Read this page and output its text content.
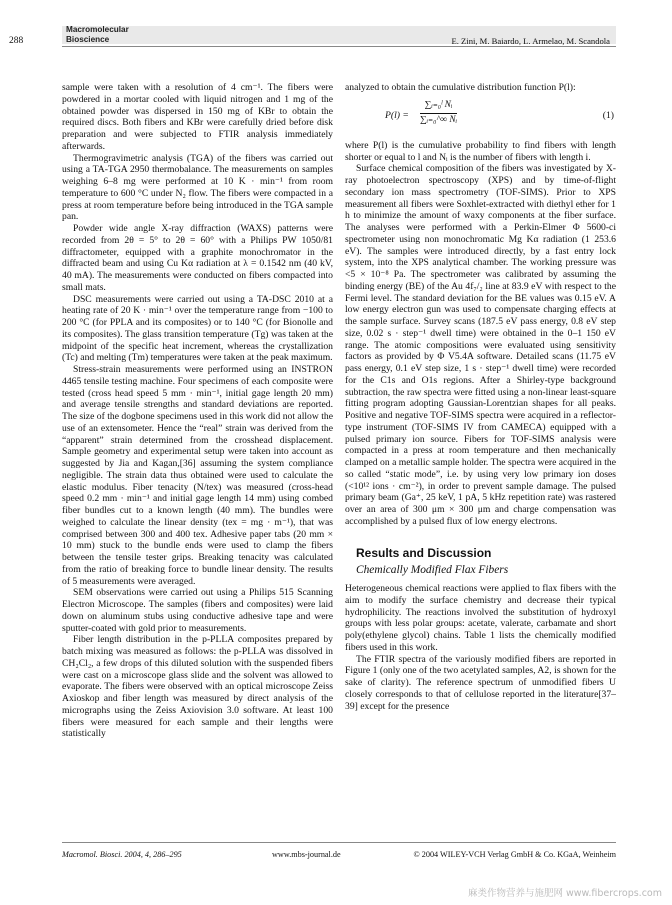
288
Macromolecular
Bioscience	E. Zini, M. Baiardo, L. Armelao, M. Scandola

sample were taken with a resolution of 4 cm⁻¹. The fibers were powdered in a mortar cooled with liquid nitrogen and 1 mg of the obtained powder was dispersed in 150 mg of KBr to obtain the required discs. Both fibers and KBr were carefully dried before disk preparation and were subjected to FTIR analysis immediately afterwards.

Thermogravimetric analysis (TGA) of the fibers was carried out using a TA-TGA 2950 thermobalance. The measurements on samples weighing 6–8 mg were performed at 10 K · min⁻¹ from room temperature to 600 °C under N₂ flow. The fibers were compacted in a press at room temperature before being introduced in the TGA sample pan.

Powder wide angle X-ray diffraction (WAXS) patterns were recorded from 2θ = 5° to 2θ = 60° with a Philips PW 1050/81 diffractometer, equipped with a graphite monochromator in the diffracted beam and using Cu Kα radiation at λ = 0.1542 nm (40 kV, 40 mA). The measurements were conducted on fibers compacted into small mats.

DSC measurements were carried out using a TA-DSC 2010 at a heating rate of 20 K · min⁻¹ over the temperature range from −100 to 200 °C (for PPLA and its composites) or to 140 °C (for Bionolle and its composites). The glass transition temperature (Tg) was taken at the midpoint of the specific heat increment, whereas the crystallization (Tc) and melting (Tm) temperatures were taken at the peak maximum.

Stress-strain measurements were performed using an INSTRON 4465 tensile testing machine. Four specimens of each composite were tested (cross head speed 5 mm · min⁻¹, initial gage length 20 mm) and average tensile strengths and standard deviations are reported. The size of the dogbone specimens used in this work did not allow the use of an extensometer. Hence the “real” strain was derived from the “apparent” strain determined from the crosshead displacement. Sample geometry and experimental setup were taken into account as suggested by Jia and Kagan,[36] assuming the system compliance negligible. The strain data thus obtained were used to calculate the elastic modulus. Fiber tenacity (N/tex) was measured (cross-head speed 0.2 mm · min⁻¹ and initial gage length 14 mm) using combed fiber bundles cut to a known length (40 mm). The bundles were weighed to calculate the linear density (tex = mg · m⁻¹), that was comprised between 300 and 400 tex. Adhesive paper tabs (20 mm × 10 mm) stuck to the bundle ends were used to clamp the fibers between the tensile tester grips. Breaking tenacity was calculated from the ratio of breaking force to bundle linear density. The results of 5 measurements were averaged.

SEM observations were carried out using a Philips 515 Scanning Electron Microscope. The samples (fibers and composites) were laid down on aluminum stubs using conductive adhesive tape and were sputter-coated with gold prior to measurements.

Fiber length distribution in the p-PLLA composites prepared by batch mixing was measured as follows: the p-PLLA was dissolved in CH₂Cl₂, a few drops of this diluted solution with the suspended fibers were cast on a microscope glass slide and the solvent was allowed to evaporate. The fibers were observed with an optical microscope Zeiss Axioskop and fiber length was measured by direct analysis of the micrographs using the Zeiss Axiovision 3.0 software. At least 100 fibers were measured for each sample and their lengths were statistically

analyzed to obtain the cumulative distribution function P(l):

$P(l) = \frac{\text{∑ᵢ₌₀ˡ Nᵢ}}{\text{∑ᵢ₌₀\textasciicircum{}∞ Nᵢ}}$	(1)

where P(l) is the cumulative probability to find fibers with length shorter or equal to l and Nᵢ is the number of fibers with length i.

Surface chemical composition of the fibers was investigated by X-ray photoelectron spectroscopy (XPS) and by time-of-flight secondary ion mass spectrometry (TOF-SIMS). Prior to XPS measurement all fibers were Soxhlet-extracted with diethyl ether for 1 h to minimize the amount of waxy components at the fiber surface. The analyses were performed with a Perkin-Elmer Φ 5600-ci spectrometer using non monochromatic Mg Kα radiation (1 253.6 eV). The samples were introduced directly, by a fast entry lock system, into the XPS analytical chamber. The working pressure was <5 × 10⁻⁸ Pa. The spectrometer was calibrated by assuming the binding energy (BE) of the Au 4f₇/₂ line at 83.9 eV with respect to the Fermi level. The standard deviation for the BE values was 0.15 eV. A low energy electron gun was used to compensate charging effects at the sample surface. Survey scans (187.5 eV pass energy, 0.8 eV step size, 0.02 s · step⁻¹ dwell time) were obtained in the 0–1 150 eV range. The atomic compositions were evaluated using sensitivity factors as provided by Φ V5.4A software. Detailed scans (11.75 eV pass energy, 0.1 eV step size, 1 s · step⁻¹ dwell time) were recorded for the C1s and O1s regions. After a Shirley-type background subtraction, the raw spectra were fitted using a non-linear least-square fitting program adopting Gaussian-Lorentzian shapes for all peaks. Positive and negative TOF-SIMS spectra were acquired in a reflector-type instrument (TOF-SIMS IV from CAMECA) equipped with a pulsed primary ion source. Fibers for TOF-SIMS analysis were compacted in a press at room temperature and then mechanically clamped on a metallic sample holder. The spectra were acquired in the so called “static mode”, i.e. by using very low primary ion doses (<10¹² ions · cm⁻²), in order to prevent sample damage. The pulsed primary beam (Ga⁺, 25 keV, 1 pA, 5 kHz repetition rate) was rastered over an area of 300 μm × 300 μm and charge compensation was accomplished by a pulsed flux of low energy electrons.

Results and Discussion

Chemically Modified Flax Fibers

Heterogeneous chemical reactions were applied to flax fibers with the aim to modify the surface chemistry and decrease their typical hydrophilicity. The reactions involved the substitution of hydroxyl groups with less polar groups: acetate, valerate, carbamate and short poly(ethylene glycol) chains. Table 1 lists the chemically modified fibers used in this work.

The FTIR spectra of the variously modified fibers are reported in Figure 1 (only one of the two acetylated samples, A2, is shown for the sake of clarity). The reference spectrum of unmodified fibers U closely corresponds to that of cellulose reported in the literature[37–39] except for the presence

Macromol. Biosci. 2004, 4, 286–295	www.mbs-journal.de	© 2004 WILEY-VCH Verlag GmbH & Co. KGaA, Weinheim
麻类作物营养与施肥网 www.fibercrops.com
